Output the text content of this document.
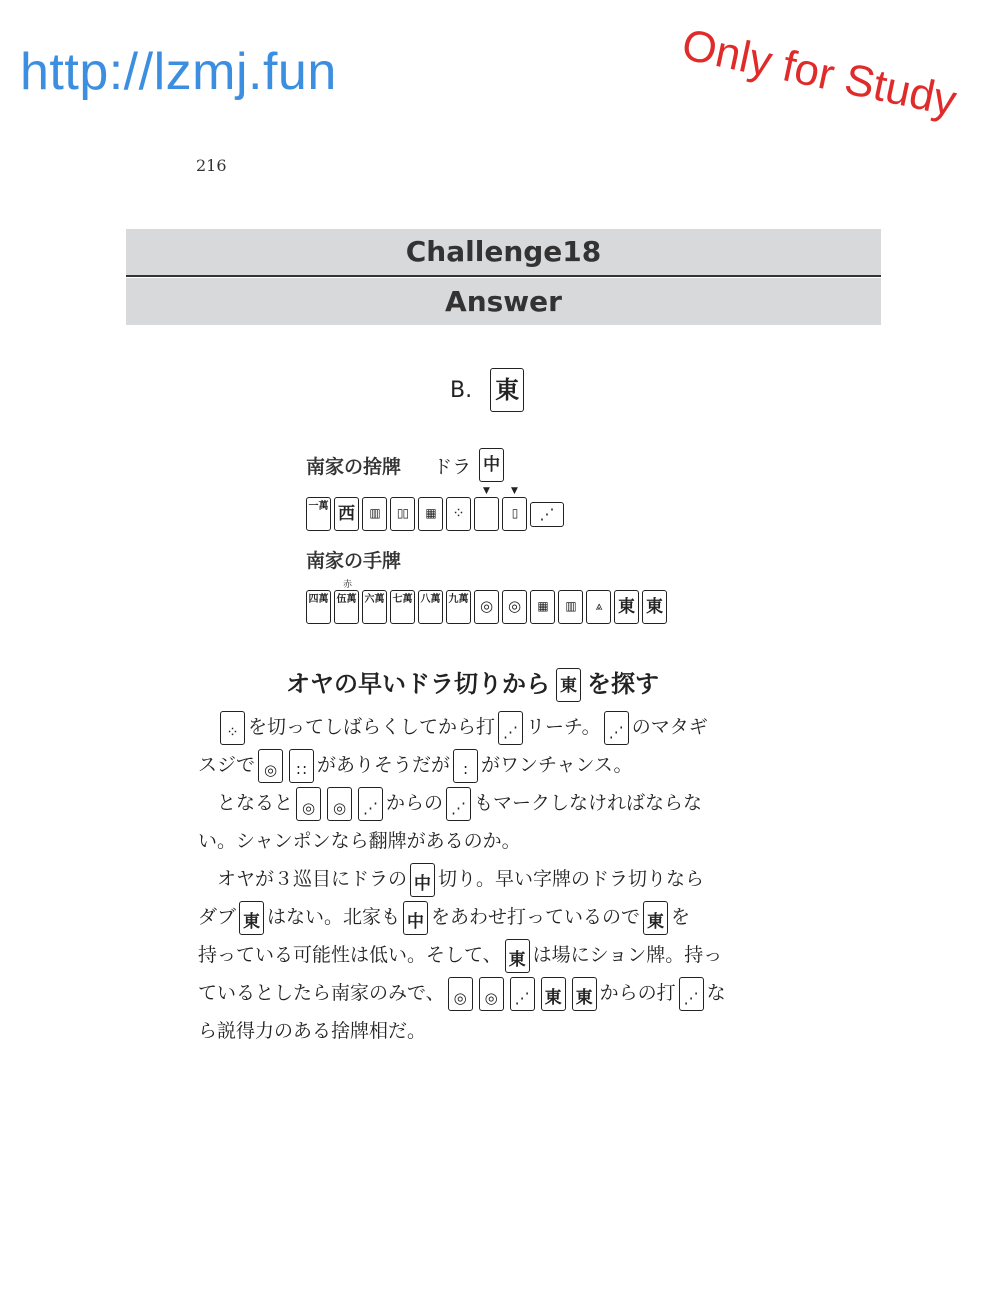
http://lzmj.fun	Only for Study
216
Challenge18
Answer
B. 東
南家の捨牌 ドラ 中
一萬 西 ▥ ▯▯ ▦ ⁘
▼
▼
▯ ⋰
南家の手牌
四萬

赤
伍萬
六萬
七萬
八萬
九萬 ◎ ◎ ▦ ▥ ⩓ 東 東
オヤの早いドラ切りから 東 を探す

⁘ を切ってしばらくしてから打 ⋰ リーチ。 ⋰ のマタギ
スジで ◎ ∷ がありそうだが ∶ がワンチャンス。

となると ◎ ◎ ⋰ からの ⋰ もマークしなければならな
い。シャンポンなら翻牌があるのか。

オヤが３巡目にドラの 中 切り。早い字牌のドラ切りなら
ダブ 東 はない。北家も 中 をあわせ打っているので 東 を
持っている可能性は低い。そして、 東 は場にション牌。持っ
ているとしたら南家のみで、 ◎ ◎ ⋰ 東 東 からの打 ⋰ な
ら説得力のある捨牌相だ。
